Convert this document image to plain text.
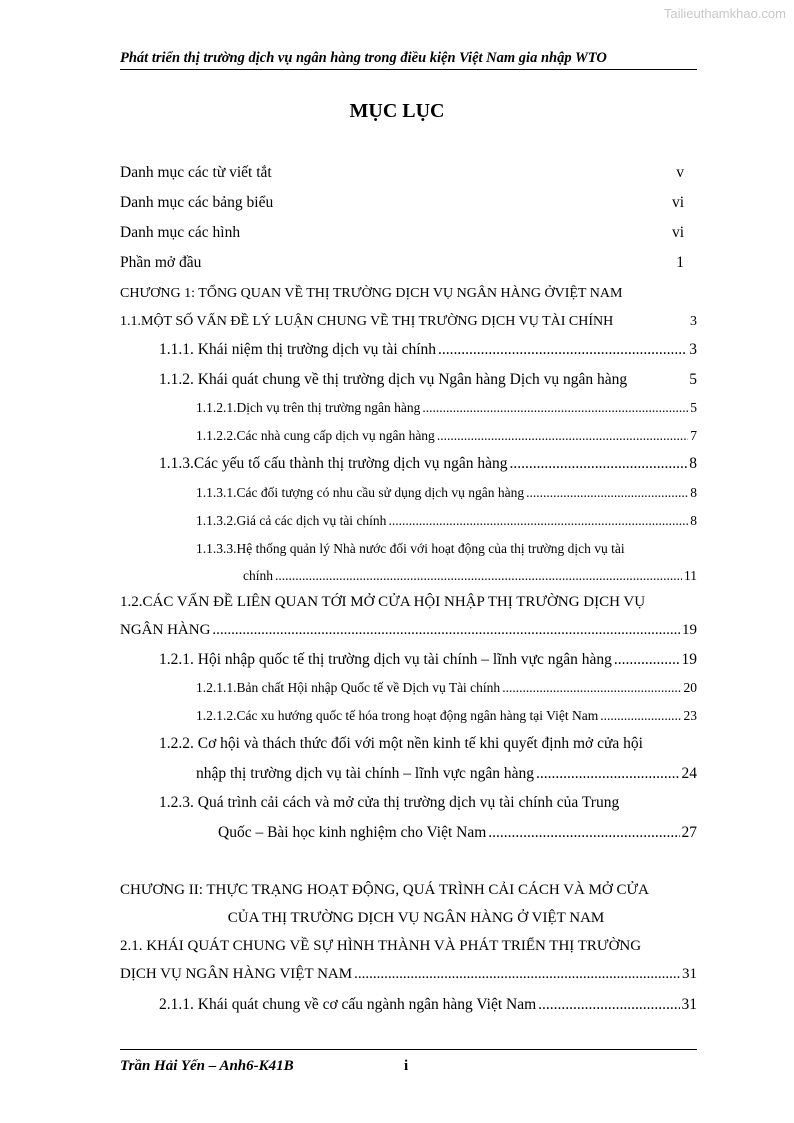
Tailieuthamkhao.com
Phát triển thị trường dịch vụ ngân hàng trong điều kiện Việt Nam gia nhập WTO
MỤC LỤC
Danh mục các từ viết tắt	v
Danh mục các bảng biểu	vi
Danh mục các hình	vi
Phần mở đầu	1
CHƯƠNG 1: TỔNG QUAN VỀ THỊ TRƯỜNG DỊCH VỤ NGÂN HÀNG ỞVIỆT NAM
1.1.MỘT SỐ VẤN ĐỀ LÝ LUẬN CHUNG VỀ THỊ TRƯỜNG DỊCH VỤ TÀI CHÍNH	3
1.1.1. Khái niệm thị trường dịch vụ tài chính .....	3
1.1.2. Khái quát chung về thị trường dịch vụ Ngân hàng Dịch vụ ngân hàng	5
1.1.2.1.Dịch vụ trên thị trường ngân hàng .....	5
1.1.2.2.Các nhà cung cấp dịch vụ ngân hàng .....	7
1.1.3.Các yếu tố cấu thành thị trường dịch vụ ngân hàng .....	8
1.1.3.1.Các đối tượng có nhu cầu sử dụng dịch vụ ngân hàng .....	8
1.1.3.2.Giá cả các dịch vụ tài chính .....	8
1.1.3.3.Hệ thống quản lý Nhà nước đối với hoạt động của thị trường dịch vụ tài
chính .....	11
1.2.CÁC VẤN ĐỀ LIÊN QUAN TỚI MỞ CỬA HỘI NHẬP THỊ TRƯỜNG DỊCH VỤ
NGÂN HÀNG .....	19
1.2.1. Hội nhập quốc tế thị trường dịch vụ tài chính – lĩnh vực ngân hàng .....	19
1.2.1.1.Bản chất Hội nhập Quốc tế về Dịch vụ Tài chính .....	20
1.2.1.2.Các xu hướng quốc tế hóa trong hoạt động ngân hàng tại Việt Nam .....	23
1.2.2. Cơ hội và thách thức đối với một nền kinh tế khi quyết định mở cửa hội
nhập thị trường dịch vụ tài chính – lĩnh vực ngân hàng .....	24
1.2.3. Quá trình cải cách và mở cửa thị trường dịch vụ tài chính của Trung
Quốc – Bài học kinh nghiệm cho Việt Nam .....	27
CHƯƠNG II: THỰC TRẠNG HOẠT ĐỘNG, QUÁ TRÌNH CẢI CÁCH VÀ MỞ CỬA
CỦA THỊ TRƯỜNG DỊCH VỤ NGÂN HÀNG Ở VIỆT NAM
2.1. KHÁI QUÁT CHUNG VỀ SỰ HÌNH THÀNH VÀ PHÁT TRIỂN THỊ TRƯỜNG
DỊCH VỤ NGÂN HÀNG VIỆT NAM .....	31
2.1.1. Khái quát chung về cơ cấu ngành ngân hàng Việt Nam .....	31
Trần Hải Yến – Anh6-K41B	i
